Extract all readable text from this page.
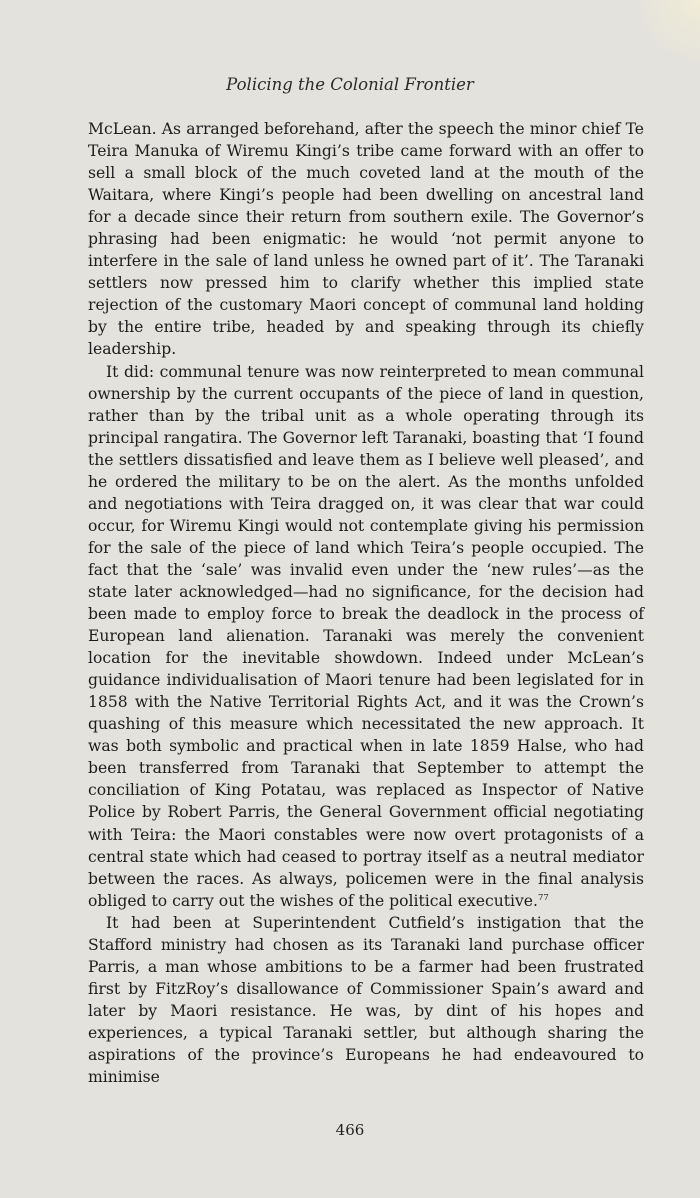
Policing the Colonial Frontier

McLean. As arranged beforehand, after the speech the minor chief Te Teira Manuka of Wiremu Kingi’s tribe came forward with an offer to sell a small block of the much coveted land at the mouth of the Waitara, where Kingi’s people had been dwelling on ancestral land for a decade since their return from southern exile. The Governor’s phrasing had been enigmatic: he would ‘not permit anyone to interfere in the sale of land unless he owned part of it’. The Taranaki settlers now pressed him to clarify whether this implied state rejection of the customary Maori concept of communal land holding by the entire tribe, headed by and speaking through its chiefly leadership.

It did: communal tenure was now reinterpreted to mean communal ownership by the current occupants of the piece of land in question, rather than by the tribal unit as a whole operating through its principal rangatira. The Governor left Taranaki, boasting that ‘I found the settlers dissatisfied and leave them as I believe well pleased’, and he ordered the military to be on the alert. As the months unfolded and negotiations with Teira dragged on, it was clear that war could occur, for Wiremu Kingi would not contemplate giving his permission for the sale of the piece of land which Teira’s people occupied. The fact that the ‘sale’ was invalid even under the ‘new rules’—as the state later acknowledged—had no significance, for the decision had been made to employ force to break the deadlock in the process of European land alienation. Taranaki was merely the convenient location for the inevitable showdown. Indeed under McLean’s guidance individualisation of Maori tenure had been legislated for in 1858 with the Native Territorial Rights Act, and it was the Crown’s quashing of this measure which necessitated the new approach. It was both symbolic and practical when in late 1859 Halse, who had been transferred from Taranaki that September to attempt the conciliation of King Potatau, was replaced as Inspector of Native Police by Robert Parris, the General Government official negotiating with Teira: the Maori constables were now overt protagonists of a central state which had ceased to portray itself as a neutral mediator between the races. As always, policemen were in the final analysis obliged to carry out the wishes of the political executive.$^{77}$

It had been at Superintendent Cutfield’s instigation that the Stafford ministry had chosen as its Taranaki land purchase officer Parris, a man whose ambitions to be a farmer had been frustrated first by FitzRoy’s disallowance of Commissioner Spain’s award and later by Maori resistance. He was, by dint of his hopes and experiences, a typical Taranaki settler, but although sharing the aspirations of the province’s Europeans he had endeavoured to minimise

466
